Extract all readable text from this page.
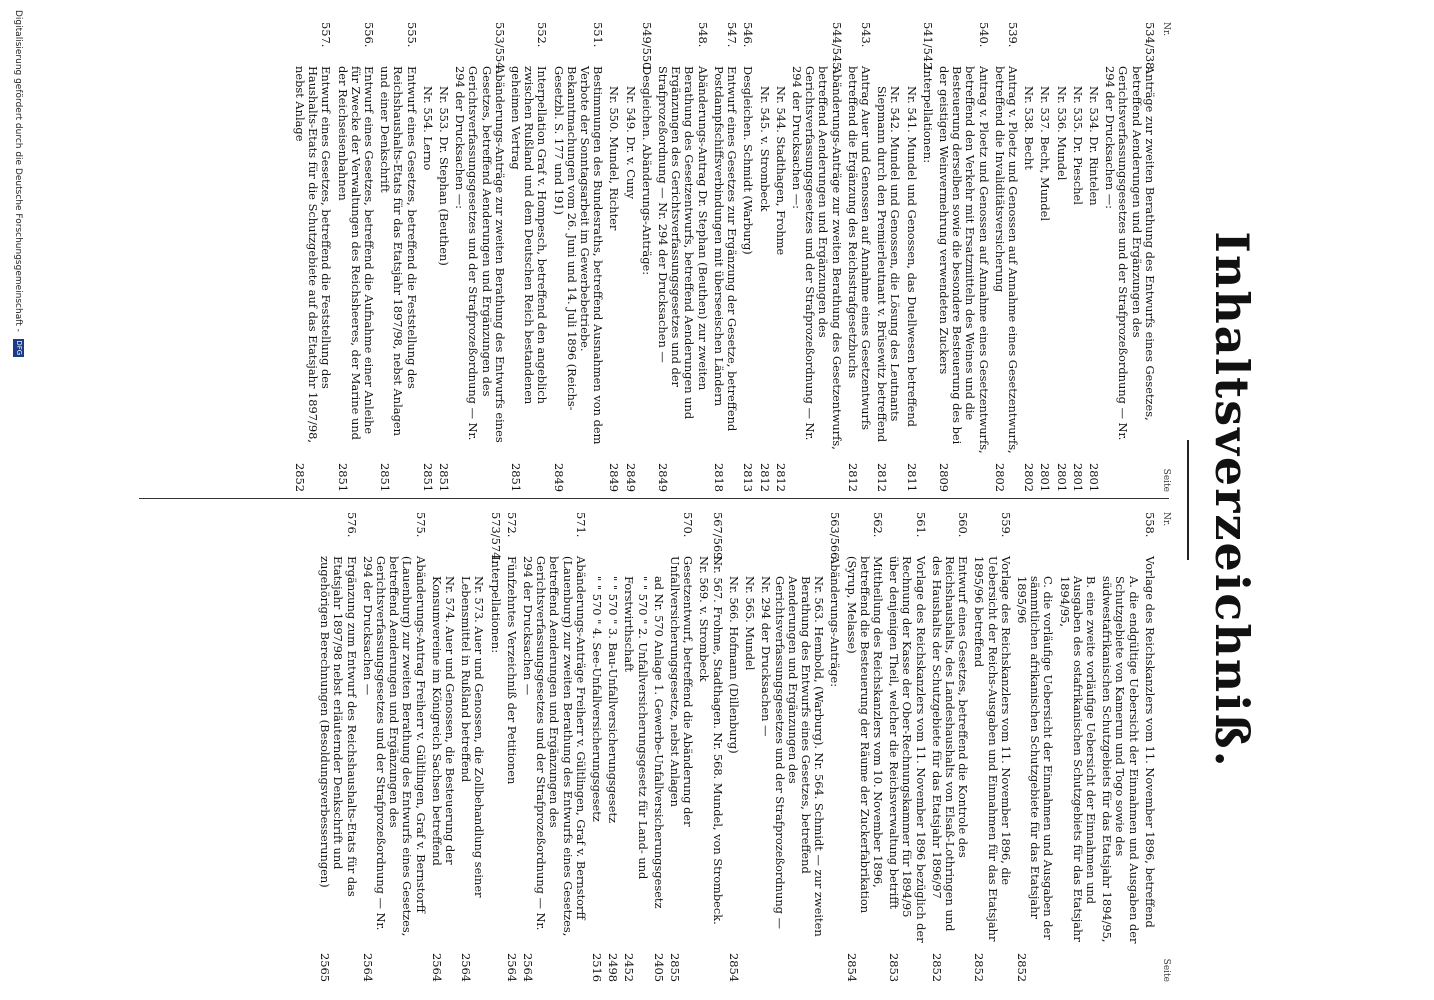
Inhaltsverzeichniß.
Nr.
Seite
534/538.
Anträge zur zweiten Berathung des Entwurfs eines Gesetzes, betreffend Aenderungen und Ergänzungen des Gerichtsverfassungsgesetzes und der Strafprozeßordnung — Nr. 294 der Drucksachen —:
Nr. 534. Dr. Rintelen
2801
Nr. 535. Dr. Pieschel
2801
Nr. 536. Mundel
2801
Nr. 537. Becht, Mundel
2801
Nr. 538. Becht
2802
539.
Antrag v. Ploetz und Genossen auf Annahme eines Gesetzentwurfs, betreffend die Invaliditätsversicherung
2802
540.
Antrag v. Ploetz und Genossen auf Annahme eines Gesetzentwurfs, betreffend den Verkehr mit Ersatzmitteln des Weines und die Besteuerung derselben sowie die besondere Besteuerung des bei der geistigen Weinvermehrung verwendeten Zuckers
2809
541/542.
Interpellationen:
Nr. 541. Mundel und Genossen, das Duellwesen betreffend
2811
Nr. 542. Mundel und Genossen, die Lösung des Leutnants Siepmann durch den Premierleutnant v. Brüsewitz betreffend
2812
543.
Antrag Auer und Genossen auf Annahme eines Gesetzentwurfs betreffend die Ergänzung des Reichsstrafgesetzbuchs
2812
544/545.
Abänderungs-Anträge zur zweiten Berathung des Gesetzentwurfs, betreffend Aenderungen und Ergänzungen des Gerichtsverfassungsgesetzes und der Strafprozeßordnung — Nr. 294 der Drucksachen —:
Nr. 544. Stadthagen, Frohme
2812
Nr. 545. v. Strombeck
2812
546.
Desgleichen. Schmidt (Warburg)
2813
547.
Entwurf eines Gesetzes zur Ergänzung der Gesetze, betreffend Postdampfschiffsverbindungen mit überseeischen Ländern
2818
548.
Abänderungs-Antrag Dr. Stephan (Beuthen) zur zweiten Berathung des Gesetzentwurfs, betreffend Aenderungen und Ergänzungen des Gerichtsverfassungsgesetzes und der Strafprozeßordnung — Nr. 294 der Drucksachen —
2849
549/550.
Desgleichen. Abänderungs-Anträge:
Nr. 549. Dr. v. Cuny
2849
Nr. 550. Mundel, Richter
2849
551.
Bestimmungen des Bundesraths, betreffend Ausnahmen von dem Verbote der Sonntagsarbeit im Gewerbebetriebe. Bekanntmachungen vom 26. Juni und 14. Juli 1896 (Reichs-Gesetzbl. S. 177 und 191)
2849
552.
Interpellation Graf v. Hompesch, betreffend den angeblich zwischen Rußland und dem Deutschen Reich bestandenen geheimen Vertrag
2851
553/554.
Abänderungs-Anträge zur zweiten Berathung des Entwurfs eines Gesetzes, betreffend Aenderungen und Ergänzungen des Gerichtsverfassungsgesetzes und der Strafprozeßordnung — Nr. 294 der Drucksachen —:
Nr. 553. Dr. Stephan (Beuthen)
2851
Nr. 554. Lerno
2851
555.
Entwurf eines Gesetzes, betreffend die Feststellung des Reichshaushalts-Etats für das Etatsjahr 1897/98, nebst Anlagen und einer Denkschrift
2851
556.
Entwurf eines Gesetzes, betreffend die Aufnahme einer Anleihe für Zwecke der Verwaltungen des Reichsheeres, der Marine und der Reichseisenbahnen
2851
557.
Entwurf eines Gesetzes, betreffend die Feststellung des Haushalts-Etats für die Schutzgebiete auf das Etatsjahr 1897/98, nebst Anlage
2852
Nr.
Seite
558.
Vorlage des Reichskanzlers vom 11. November 1896, betreffend
A. die endgültige Uebersicht der Einnahmen und Ausgaben der Schutzgebiete von Kamerun und Togo sowie des südwestafrikanischen Schutzgebiets für das Etatsjahr 1894/95,
B. eine zweite vorläufige Uebersicht der Einnahmen und Ausgaben des ostafrikanischen Schutzgebiets für das Etatsjahr 1894/95,
C. die vorläufige Uebersicht der Einnahmen und Ausgaben der sämmtlichen afrikanischen Schutzgebiete für das Etatsjahr 1895/96
2852
559.
Vorlage des Reichskanzlers vom 11. November 1896, die Uebersicht der Reichs-Ausgaben und Einnahmen für das Etatsjahr 1895/96 betreffend
2852
560.
Entwurf eines Gesetzes, betreffend die Kontrole des Reichshaushalts, des Landeshaushalts von Elsaß-Lothringen und des Haushalts der Schutzgebiete für das Etatsjahr 1896/97
2852
561.
Vorlage des Reichskanzlers vom 11. November 1896 bezüglich der Rechnung der Kasse der Ober-Rechnungskammer für 1894/95 über denjenigen Theil, welcher die Reichsverwaltung betrifft
2853
562.
Mittheilung des Reichskanzlers vom 10. November 1896, betreffend die Besteuerung der Räume der Zuckerfabrikation (Syrup, Melasse)
2854
563/566.
Abänderungs-Anträge:
Nr. 563. Hembold, (Warburg). Nr. 564. Schmidt — zur zweiten Berathung des Entwurfs eines Gesetzes, betreffend Aenderungen und Ergänzungen des Gerichtsverfassungsgesetzes und der Strafprozeßordnung — Nr. 294 der Drucksachen —
Nr. 565. Mundel
Nr. 566. Hofmann (Dillenburg)
2854
567/569.
Nr. 567. Frohme, Stadthagen. Nr. 568. Mundel, von Strombeck. Nr. 569. v. Strombeck
570.
Gesetzentwurf, betreffend die Abänderung der Unfallversicherungsgesetze, nebst Anlagen
2855
ad Nr. 570 Anlage 1. Gewerbe-Unfallversicherungsgesetz
2405
" " 570 " 2. Unfallversicherungsgesetz für Land- und Forstwirthschaft
2452
" " 570 " 3. Bau-Unfallversicherungsgesetz
2498
" " 570 " 4. See-Unfallversicherungsgesetz
2516
571.
Abänderungs-Anträge Freiherr v. Gültlingen, Graf v. Bernstorff (Lauenburg) zur zweiten Berathung des Entwurfs eines Gesetzes, betreffend Aenderungen und Ergänzungen des Gerichtsverfassungsgesetzes und der Strafprozeßordnung — Nr. 294 der Drucksachen —
2564
572.
Fünfzehntes Verzeichniß der Petitionen
2564
573/574.
Interpellationen:
Nr. 573. Auer und Genossen, die Zollbehandlung seiner Lebensmittel in Rußland betreffend
2564
Nr. 574. Auer und Genossen, die Besteuerung der Konsumvereine im Königreich Sachsen betreffend
2564
575.
Abänderungs-Antrag Freiherr v. Gültlingen, Graf v. Bernstorff (Lauenburg) zur zweiten Berathung des Entwurfs eines Gesetzes, betreffend Aenderungen und Ergänzungen des Gerichtsverfassungsgesetzes und der Strafprozeßordnung — Nr. 294 der Drucksachen —
2564
576.
Ergänzung zum Entwurf des Reichshaushalts-Etats für das Etatsjahr 1897/98 nebst erläuternder Denkschrift und zugehörigen Berechnungen (Besoldungsverbesserungen)
2565
Digitalisierung gefördert durch die Deutsche Forschungsgemeinschaft - DFG
